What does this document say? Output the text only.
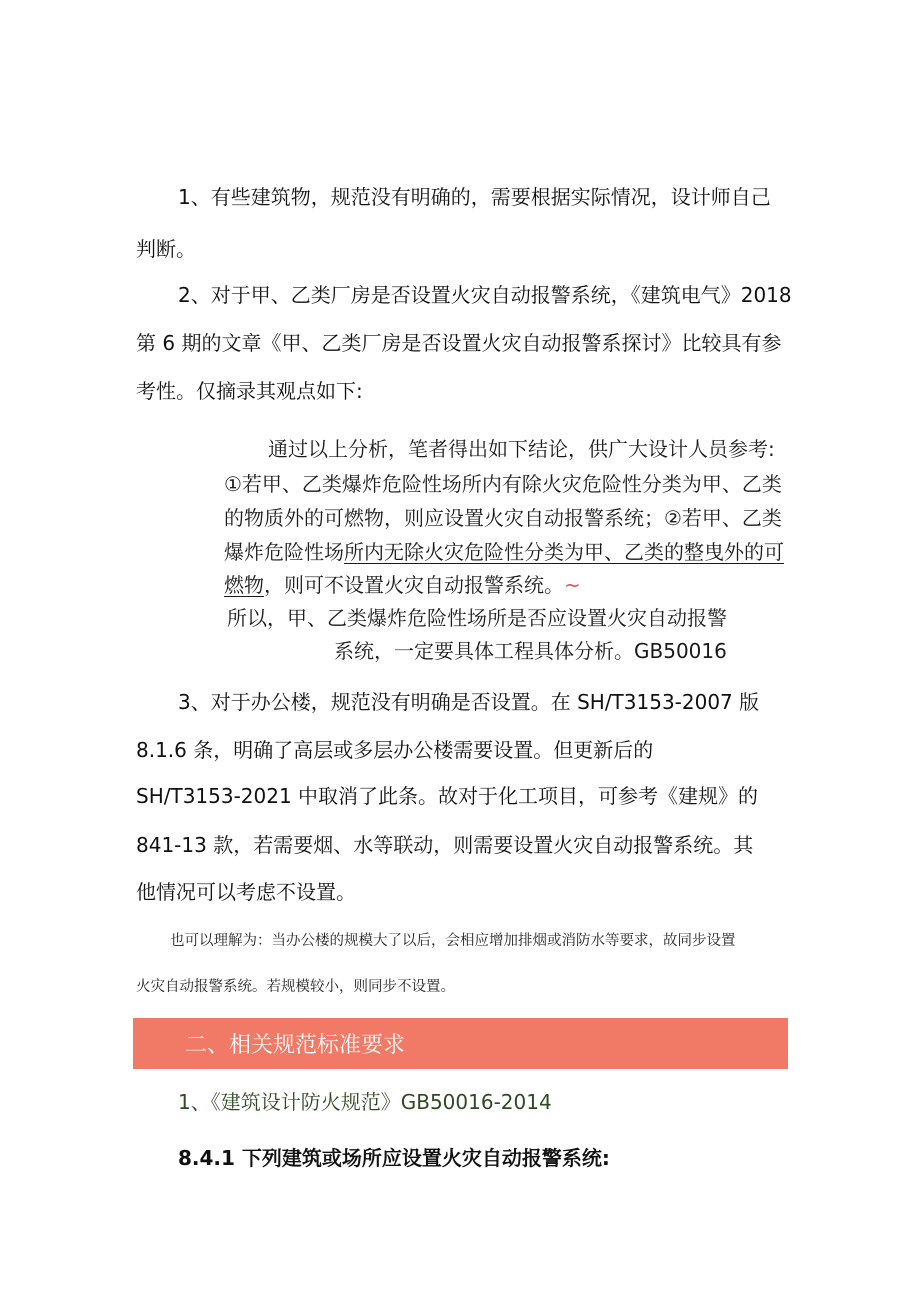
1、有些建筑物，规范没有明确的，需要根据实际情况，设计师自己

判断。

2、对于甲、乙类厂房是否设置火灾自动报警系统，《建筑电气》2018

第 6 期的文章《甲、乙类厂房是否设置火灾自动报警系探讨》比较具有参

考性。仅摘录其观点如下:

通过以上分析，笔者得出如下结论，供广大设计人员参考:

①若甲、乙类爆炸危险性场所内有除火灾危险性分类为甲、乙类

的物质外的可燃物，则应设置火灾自动报警系统；②若甲、乙类

爆炸危险性场所内无除火灾危险性分类为甲、乙类的整曳外的可

燃物，则可不设置火灾自动报警系统。~

所以，甲、乙类爆炸危险性场所是否应设置火灾自动报警

系统，一定要具体工程具体分析。GB50016

3、对于办公楼，规范没有明确是否设置。在 SH/T3153-2007 版

8.1.6 条，明确了高层或多层办公楼需要设置。但更新后的

SH/T3153-2021 中取消了此条。故对于化工项目，可参考《建规》的

841-13 款，若需要烟、水等联动，则需要设置火灾自动报警系统。其

他情况可以考虑不设置。

也可以理解为：当办公楼的规模大了以后，会相应增加排烟或消防水等要求，故同步设置

火灾自动报警系统。若规模较小，则同步不设置。

二、相关规范标准要求

1、《建筑设计防火规范》GB50016-2014

8.4.1 下列建筑或场所应设置火灾自动报警系统:
